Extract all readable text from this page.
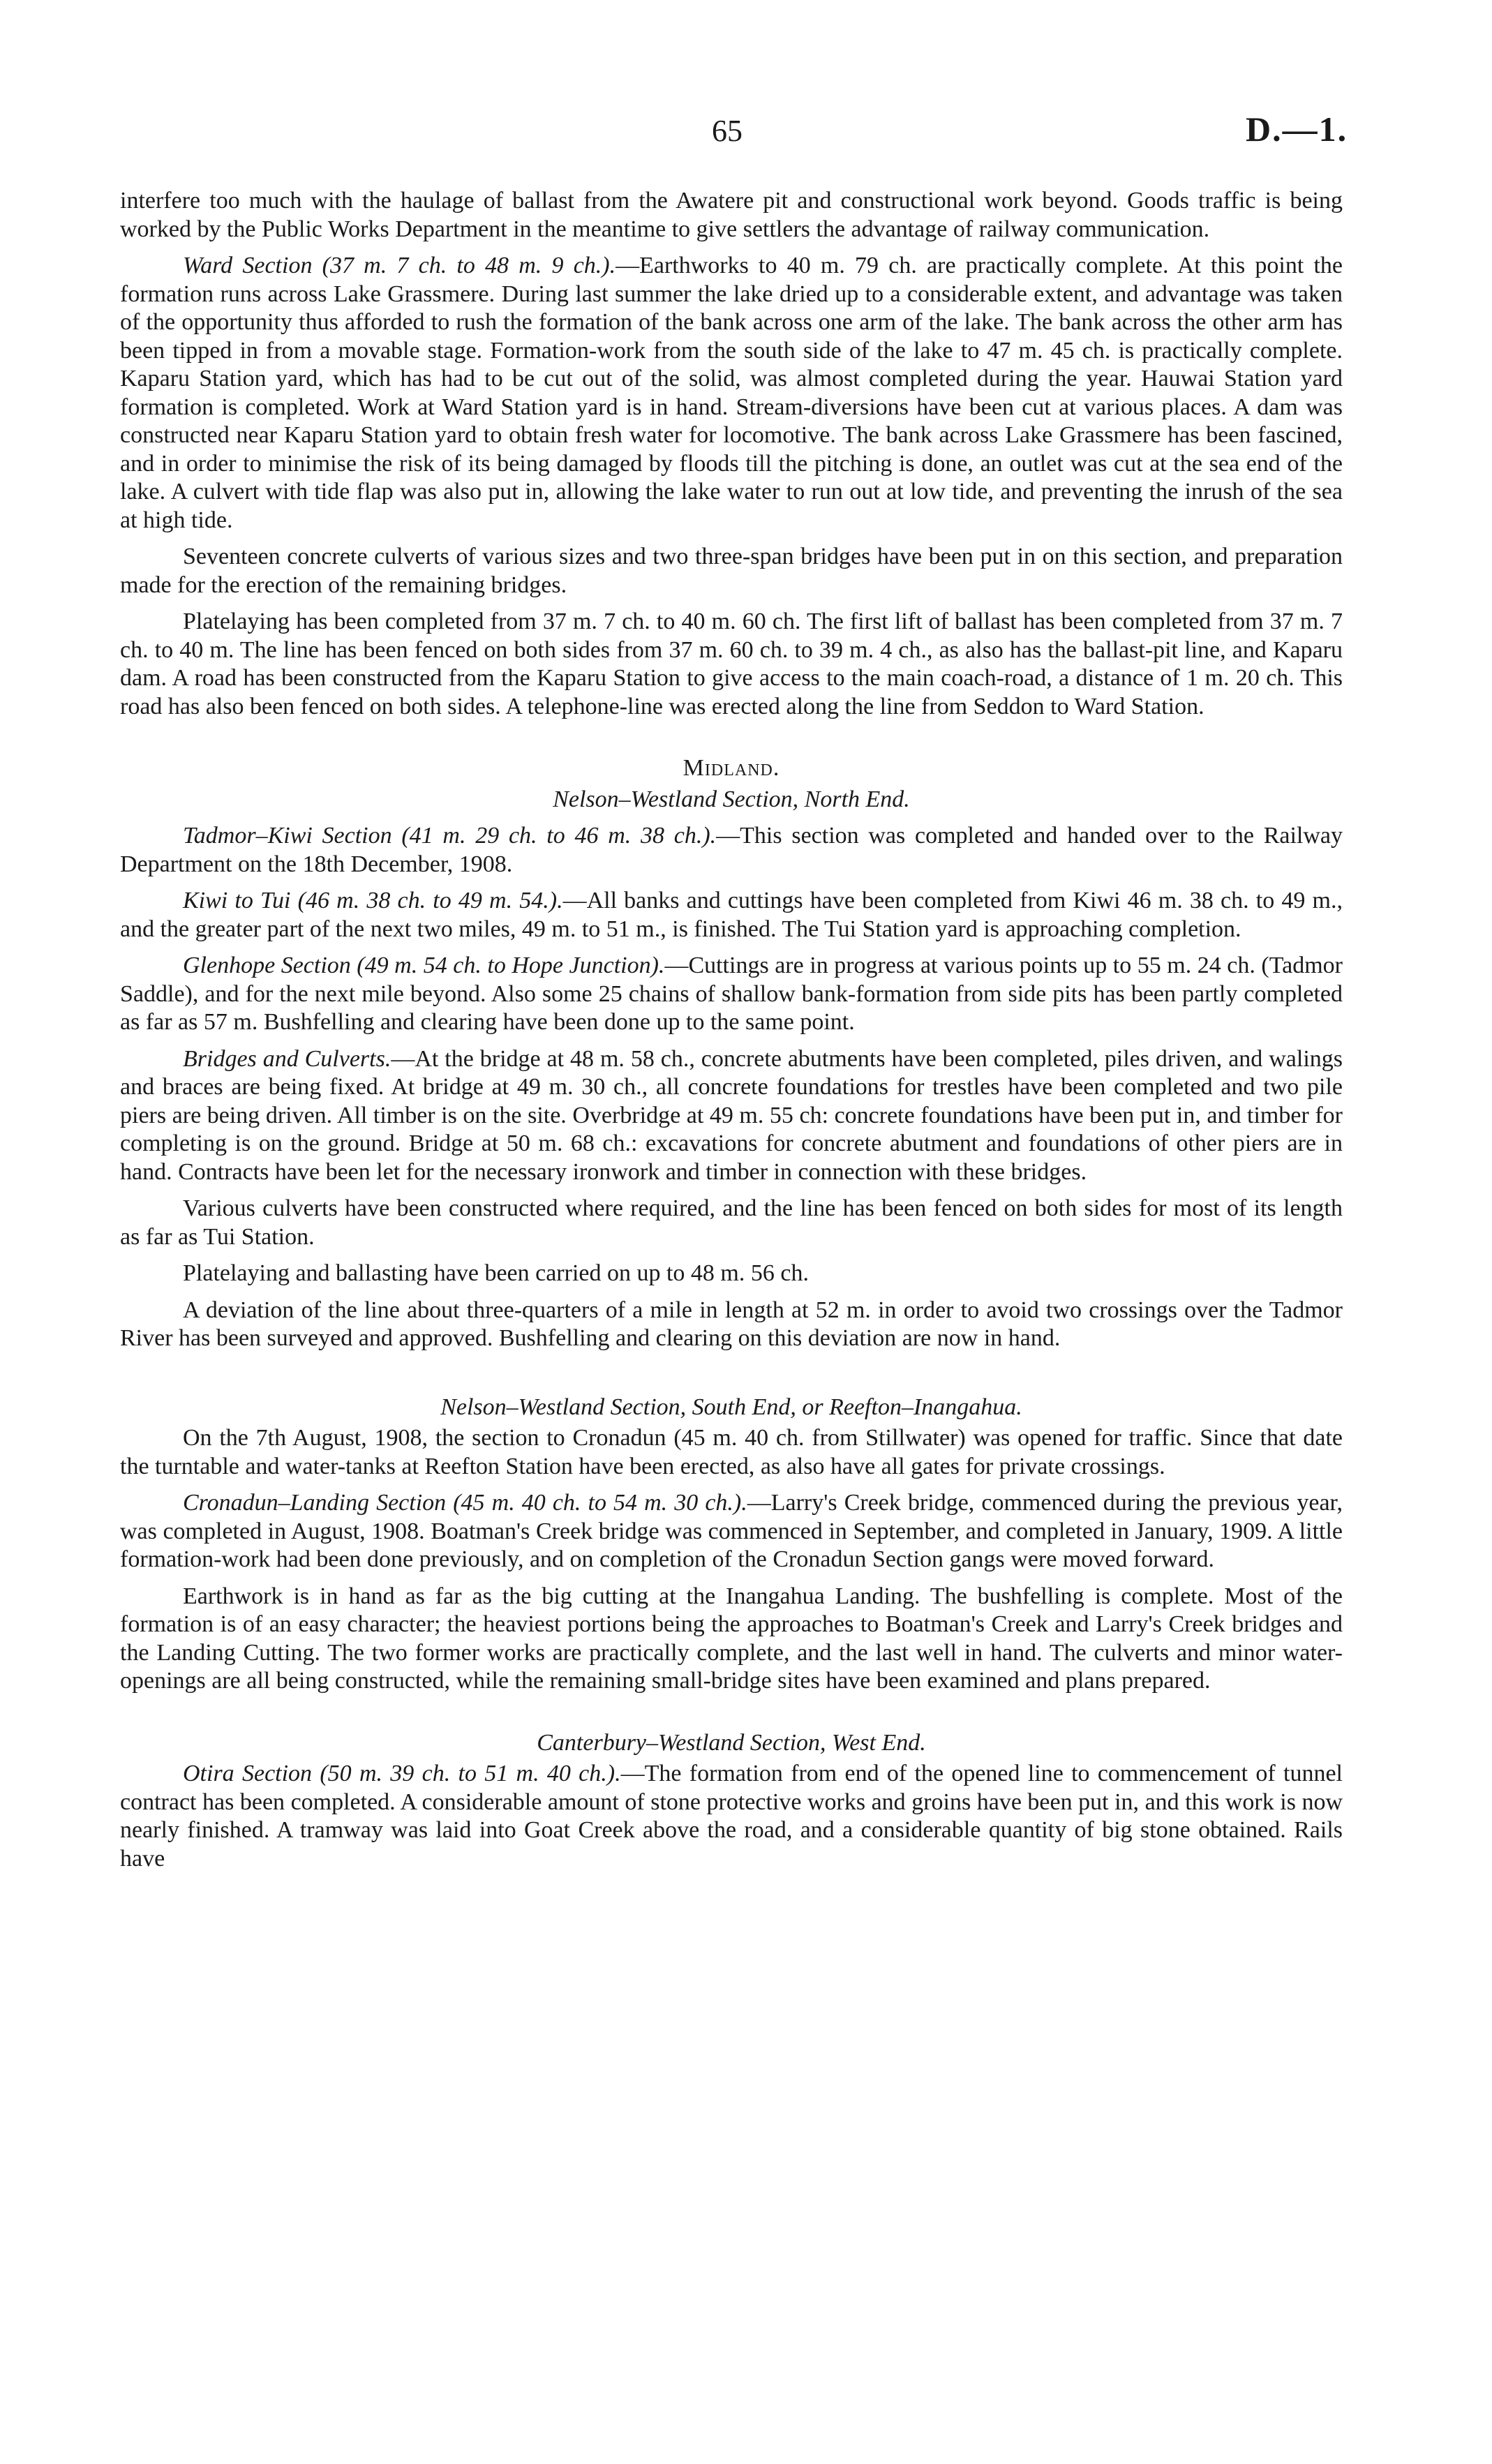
65	D.—1.

interfere too much with the haulage of ballast from the Awatere pit and constructional work beyond. Goods traffic is being worked by the Public Works Department in the meantime to give settlers the advantage of railway communication.

Ward Section (37 m. 7 ch. to 48 m. 9 ch.).—Earthworks to 40 m. 79 ch. are practically complete. At this point the formation runs across Lake Grassmere. During last summer the lake dried up to a considerable extent, and advantage was taken of the opportunity thus afforded to rush the formation of the bank across one arm of the lake. The bank across the other arm has been tipped in from a movable stage. Formation-work from the south side of the lake to 47 m. 45 ch. is practically complete. Kaparu Station yard, which has had to be cut out of the solid, was almost completed during the year. Hauwai Station yard formation is completed. Work at Ward Station yard is in hand. Stream-diversions have been cut at various places. A dam was constructed near Kaparu Station yard to obtain fresh water for locomotive. The bank across Lake Grassmere has been fascined, and in order to minimise the risk of its being damaged by floods till the pitching is done, an outlet was cut at the sea end of the lake. A culvert with tide flap was also put in, allowing the lake water to run out at low tide, and preventing the inrush of the sea at high tide.

Seventeen concrete culverts of various sizes and two three-span bridges have been put in on this section, and preparation made for the erection of the remaining bridges.

Platelaying has been completed from 37 m. 7 ch. to 40 m. 60 ch. The first lift of ballast has been completed from 37 m. 7 ch. to 40 m. The line has been fenced on both sides from 37 m. 60 ch. to 39 m. 4 ch., as also has the ballast-pit line, and Kaparu dam. A road has been constructed from the Kaparu Station to give access to the main coach-road, a distance of 1 m. 20 ch. This road has also been fenced on both sides. A telephone-line was erected along the line from Seddon to Ward Station.

Midland.

Nelson–Westland Section, North End.

Tadmor–Kiwi Section (41 m. 29 ch. to 46 m. 38 ch.).—This section was completed and handed over to the Railway Department on the 18th December, 1908.

Kiwi to Tui (46 m. 38 ch. to 49 m. 54.).—All banks and cuttings have been completed from Kiwi 46 m. 38 ch. to 49 m., and the greater part of the next two miles, 49 m. to 51 m., is finished. The Tui Station yard is approaching completion.

Glenhope Section (49 m. 54 ch. to Hope Junction).—Cuttings are in progress at various points up to 55 m. 24 ch. (Tadmor Saddle), and for the next mile beyond. Also some 25 chains of shallow bank-formation from side pits has been partly completed as far as 57 m. Bushfelling and clearing have been done up to the same point.

Bridges and Culverts.—At the bridge at 48 m. 58 ch., concrete abutments have been completed, piles driven, and walings and braces are being fixed. At bridge at 49 m. 30 ch., all concrete foundations for trestles have been completed and two pile piers are being driven. All timber is on the site. Overbridge at 49 m. 55 ch: concrete foundations have been put in, and timber for completing is on the ground. Bridge at 50 m. 68 ch.: excavations for concrete abutment and foundations of other piers are in hand. Contracts have been let for the necessary ironwork and timber in connection with these bridges.

Various culverts have been constructed where required, and the line has been fenced on both sides for most of its length as far as Tui Station.

Platelaying and ballasting have been carried on up to 48 m. 56 ch.

A deviation of the line about three-quarters of a mile in length at 52 m. in order to avoid two crossings over the Tadmor River has been surveyed and approved. Bushfelling and clearing on this deviation are now in hand.

Nelson–Westland Section, South End, or Reefton–Inangahua.

On the 7th August, 1908, the section to Cronadun (45 m. 40 ch. from Stillwater) was opened for traffic. Since that date the turntable and water-tanks at Reefton Station have been erected, as also have all gates for private crossings.

Cronadun–Landing Section (45 m. 40 ch. to 54 m. 30 ch.).—Larry's Creek bridge, commenced during the previous year, was completed in August, 1908. Boatman's Creek bridge was commenced in September, and completed in January, 1909. A little formation-work had been done previously, and on completion of the Cronadun Section gangs were moved forward.

Earthwork is in hand as far as the big cutting at the Inangahua Landing. The bushfelling is complete. Most of the formation is of an easy character; the heaviest portions being the approaches to Boatman's Creek and Larry's Creek bridges and the Landing Cutting. The two former works are practically complete, and the last well in hand. The culverts and minor water-openings are all being constructed, while the remaining small-bridge sites have been examined and plans prepared.

Canterbury–Westland Section, West End.

Otira Section (50 m. 39 ch. to 51 m. 40 ch.).—The formation from end of the opened line to commencement of tunnel contract has been completed. A considerable amount of stone protective works and groins have been put in, and this work is now nearly finished. A tramway was laid into Goat Creek above the road, and a considerable quantity of big stone obtained. Rails have
